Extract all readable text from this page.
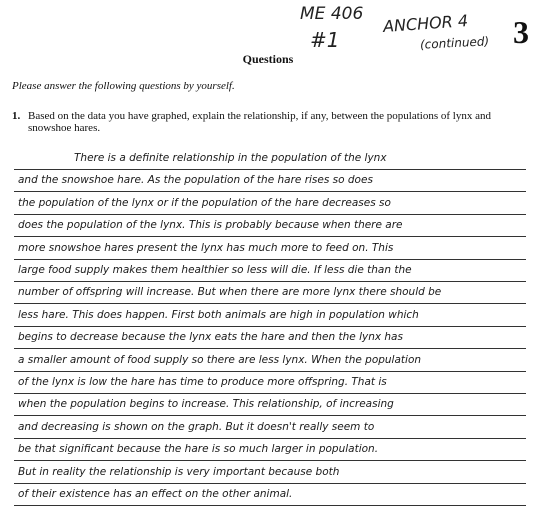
ME 406
#1
ANCHOR 4
(continued) 3
Questions
Please answer the following questions by yourself.
1. Based on the data you have graphed, explain the relationship, if any, between the populations of lynx and snowshoe hares.
There is a definite relationship in the population of the lynx
and the snowshoe hare. As the population of the hare rises so does
the population of the lynx or if the population of the hare decreases so
does the population of the lynx. This is probably because when there are
more snowshoe hares present the lynx has much more to feed on. This
large food supply makes them healthier so less will die. If less die than the
number of offspring will increase. But when there are more lynx there should be
less hare. This does happen. First both animals are high in population which
begins to decrease because the lynx eats the hare and then the lynx has
a smaller amount of food supply so there are less lynx. When the population
of the lynx is low the hare has time to produce more offspring. That is
when the population begins to increase. This relationship, of increasing
and decreasing is shown on the graph. But it doesn't really seem to
be that significant because the hare is so much larger in population.
But in reality the relationship is very important because both
of their existence has an effect on the other animal.
